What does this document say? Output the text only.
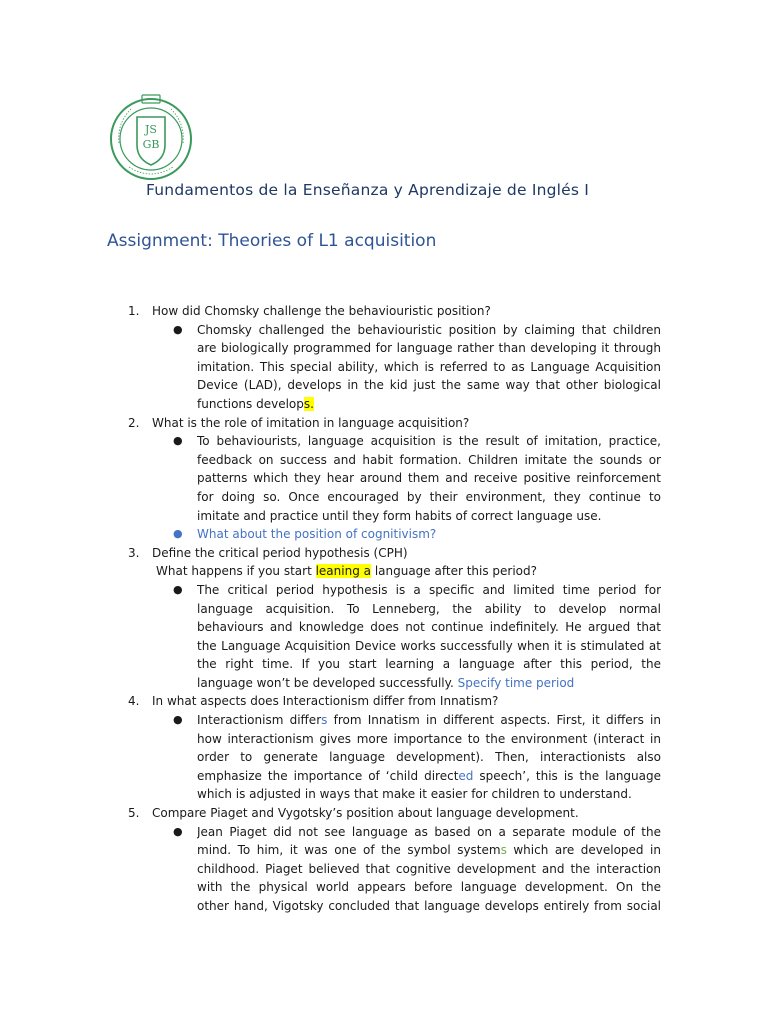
JS
GB
Fundamentos de la Enseñanza y Aprendizaje de Inglés I
Assignment: Theories of L1 acquisition
1. How did Chomsky challenge the behaviouristic position?
● Chomsky challenged the behaviouristic position by claiming that children
are biologically programmed for language rather than developing it through
imitation. This special ability, which is referred to as Language Acquisition
Device (LAD), develops in the kid just the same way that other biological
functions develops.
2. What is the role of imitation in language acquisition?
● To behaviourists, language acquisition is the result of imitation, practice,
feedback on success and habit formation. Children imitate the sounds or
patterns which they hear around them and receive positive reinforcement
for doing so. Once encouraged by their environment, they continue to
imitate and practice until they form habits of correct language use.
● What about the position of cognitivism?
3. Define the critical period hypothesis (CPH)
What happens if you start leaning a language after this period?
● The critical period hypothesis is a specific and limited time period for
language acquisition. To Lenneberg, the ability to develop normal
behaviours and knowledge does not continue indefinitely. He argued that
the Language Acquisition Device works successfully when it is stimulated at
the right time. If you start learning a language after this period, the
language won’t be developed successfully. Specify time period
4. In what aspects does Interactionism differ from Innatism?
● Interactionism differs from Innatism in different aspects. First, it differs in
how interactionism gives more importance to the environment (interact in
order to generate language development). Then, interactionists also
emphasize the importance of ‘child directed speech’, this is the language
which is adjusted in ways that make it easier for children to understand.
5. Compare Piaget and Vygotsky’s position about language development.
● Jean Piaget did not see language as based on a separate module of the
mind. To him, it was one of the symbol systems which are developed in
childhood. Piaget believed that cognitive development and the interaction
with the physical world appears before language development. On the
other hand, Vigotsky concluded that language develops entirely from social
